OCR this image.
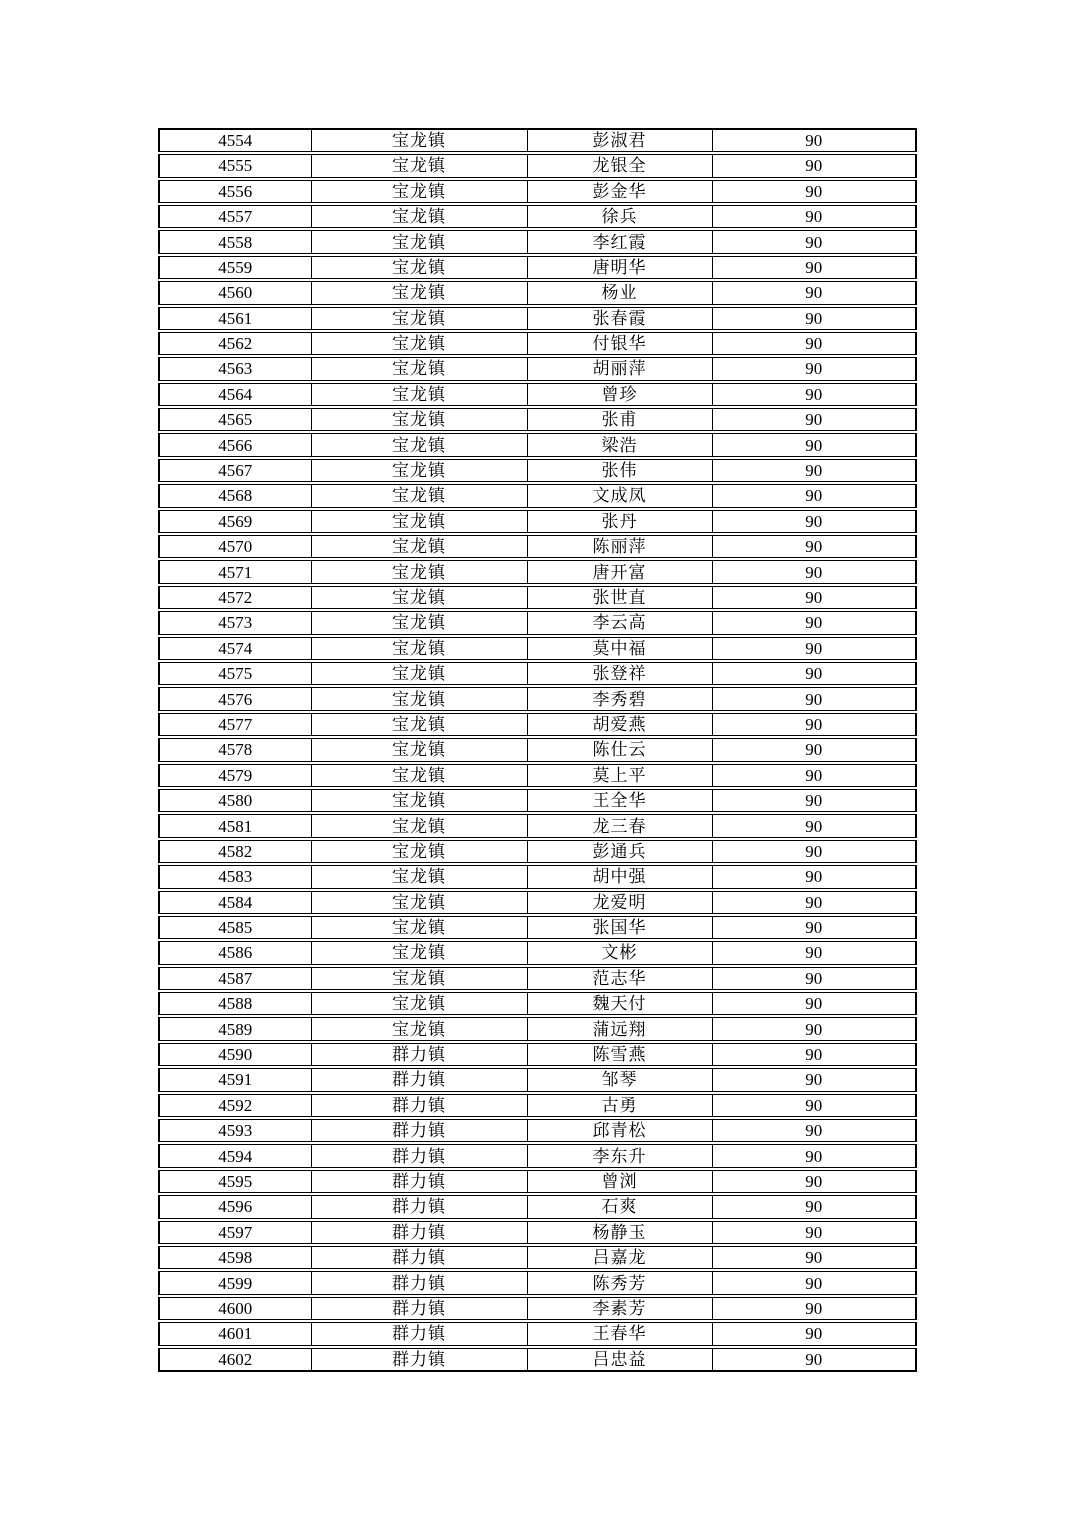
4554	宝龙镇	彭淑君	90
4555	宝龙镇	龙银全	90
4556	宝龙镇	彭金华	90
4557	宝龙镇	徐兵	90
4558	宝龙镇	李红霞	90
4559	宝龙镇	唐明华	90
4560	宝龙镇	杨业	90
4561	宝龙镇	张春霞	90
4562	宝龙镇	付银华	90
4563	宝龙镇	胡丽萍	90
4564	宝龙镇	曾珍	90
4565	宝龙镇	张甫	90
4566	宝龙镇	梁浩	90
4567	宝龙镇	张伟	90
4568	宝龙镇	文成凤	90
4569	宝龙镇	张丹	90
4570	宝龙镇	陈丽萍	90
4571	宝龙镇	唐开富	90
4572	宝龙镇	张世直	90
4573	宝龙镇	李云高	90
4574	宝龙镇	莫中福	90
4575	宝龙镇	张登祥	90
4576	宝龙镇	李秀碧	90
4577	宝龙镇	胡爱燕	90
4578	宝龙镇	陈仕云	90
4579	宝龙镇	莫上平	90
4580	宝龙镇	王全华	90
4581	宝龙镇	龙三春	90
4582	宝龙镇	彭通兵	90
4583	宝龙镇	胡中强	90
4584	宝龙镇	龙爱明	90
4585	宝龙镇	张国华	90
4586	宝龙镇	文彬	90
4587	宝龙镇	范志华	90
4588	宝龙镇	魏天付	90
4589	宝龙镇	蒲远翔	90
4590	群力镇	陈雪燕	90
4591	群力镇	邹琴	90
4592	群力镇	古勇	90
4593	群力镇	邱青松	90
4594	群力镇	李东升	90
4595	群力镇	曾浏	90
4596	群力镇	石爽	90
4597	群力镇	杨静玉	90
4598	群力镇	吕嘉龙	90
4599	群力镇	陈秀芳	90
4600	群力镇	李素芳	90
4601	群力镇	王春华	90
4602	群力镇	吕忠益	90
